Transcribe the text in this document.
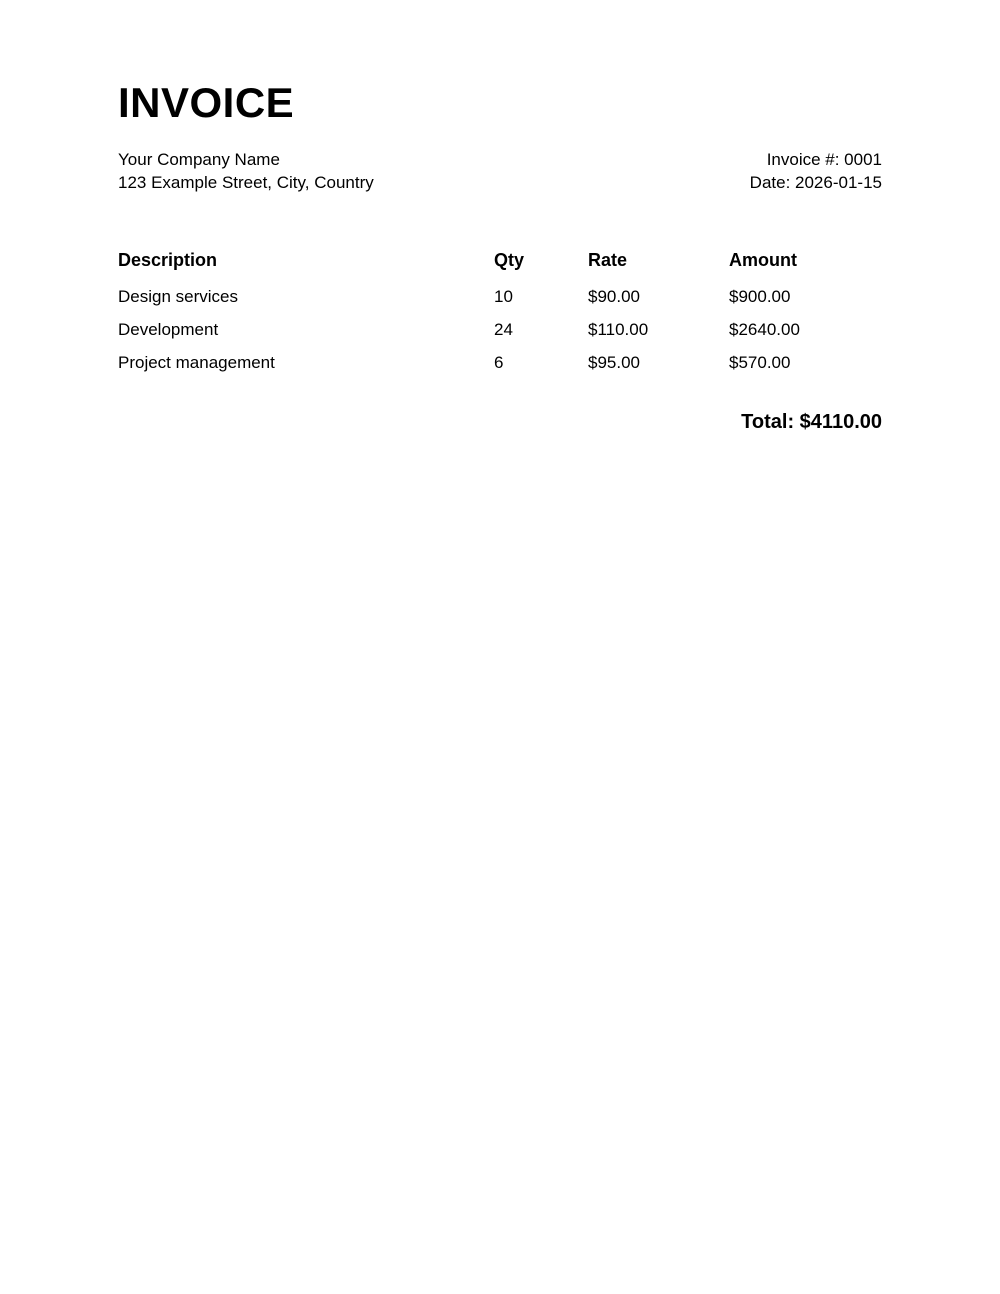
INVOICE
Your Company Name
123 Example Street, City, Country
Invoice #: 0001
Date: 2026-01-15
Description	Qty	Rate	Amount
Design services	10	$90.00	$900.00
Development	24	$110.00	$2640.00
Project management	6	$95.00	$570.00
Total: $4110.00
